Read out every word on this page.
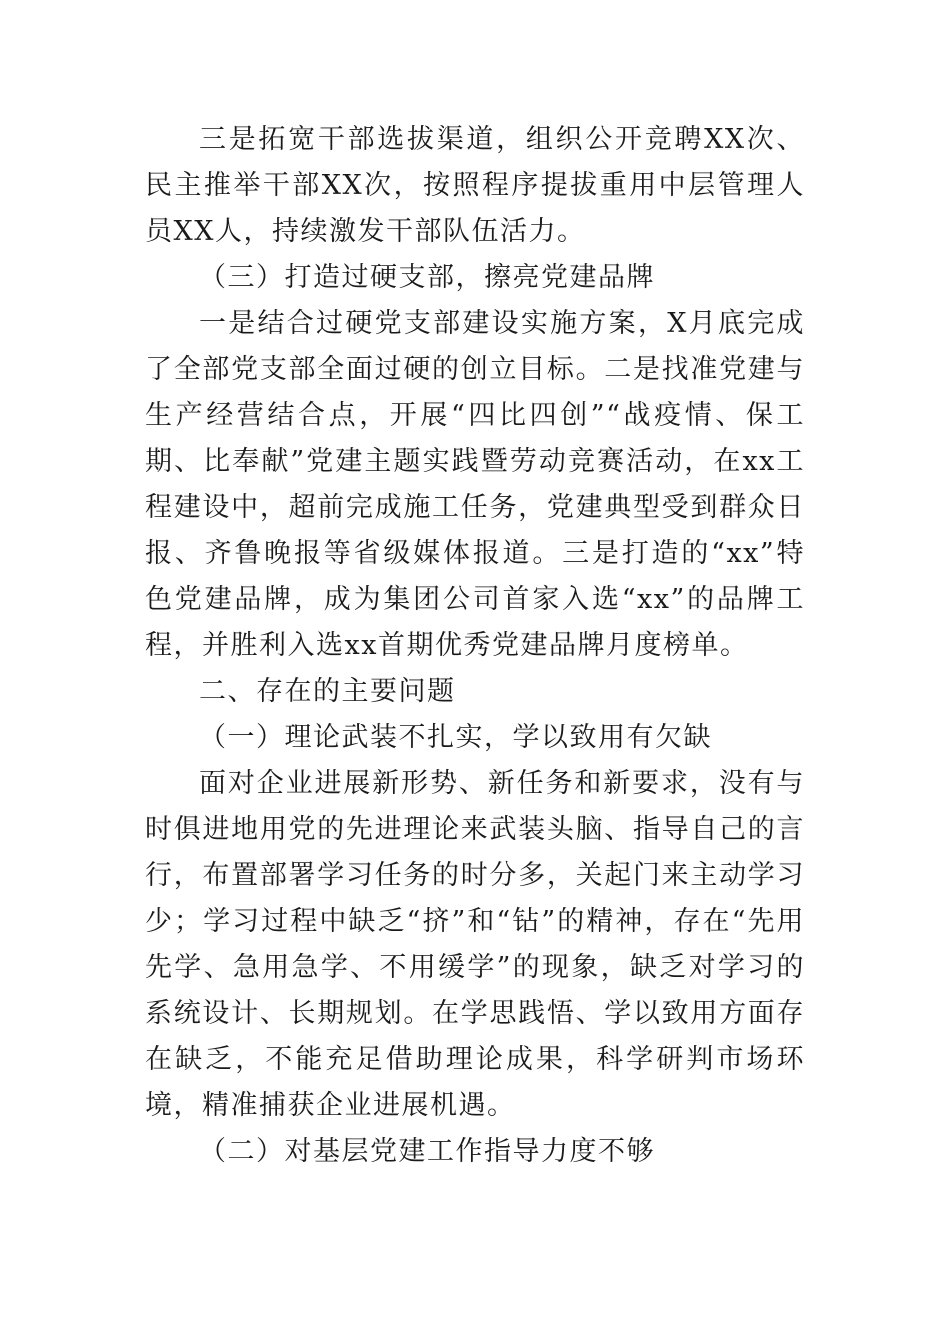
三是拓宽干部选拔渠道，组织公开竞聘XX次、民主推举干部XX次，按照程序提拔重用中层管理人员XX人，持续激发干部队伍活力。

（三）打造过硬支部，擦亮党建品牌

一是结合过硬党支部建设实施方案，X月底完成了全部党支部全面过硬的创立目标。二是找准党建与生产经营结合点，开展“四比四创”“战疫情、保工期、比奉献”党建主题实践暨劳动竞赛活动，在xx工程建设中，超前完成施工任务，党建典型受到群众日报、齐鲁晚报等省级媒体报道。三是打造的“xx”特色党建品牌，成为集团公司首家入选“xx”的品牌工程，并胜利入选xx首期优秀党建品牌月度榜单。

二、存在的主要问题

（一）理论武装不扎实，学以致用有欠缺

面对企业进展新形势、新任务和新要求，没有与时俱进地用党的先进理论来武装头脑、指导自己的言行，布置部署学习任务的时分多，关起门来主动学习少；学习过程中缺乏“挤”和“钻”的精神，存在“先用先学、急用急学、不用缓学”的现象，缺乏对学习的系统设计、长期规划。在学思践悟、学以致用方面存在缺乏，不能充足借助理论成果，科学研判市场环境，精准捕获企业进展机遇。

（二）对基层党建工作指导力度不够
